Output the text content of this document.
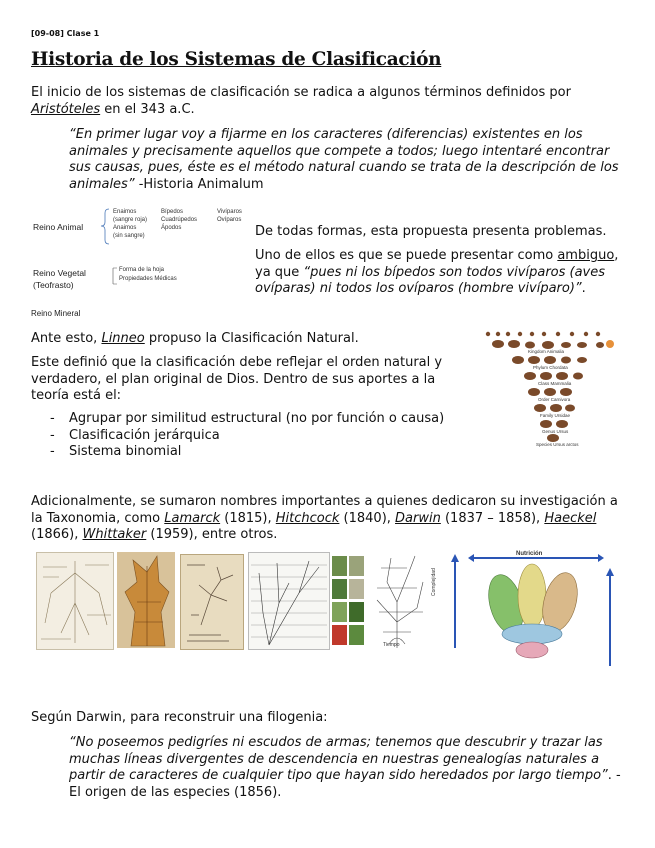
[09-08] Clase 1
Historia de los Sistemas de Clasificación
El inicio de los sistemas de clasificación se radica a algunos términos definidos por Aristóteles en el 343 a.C.
“En primer lugar voy a fijarme en los caracteres (diferencias) existentes en los animales y precisamente aquellos que compete a todos; luego intentaré encontrar sus causas, pues, éste es el método natural cuando se trata de la descripción de los animales” -Historia Animalum
Reino Animal
Enaimos
(sangre roja)
Anaimos
(sin sangre)
Bípedos
Cuadrúpedos
Ápodos
Vivíparos
Ovíparos
Reino Vegetal
(Teofrasto)
Forma de la hoja
Propiedades Médicas
Reino Mineral
De todas formas, esta propuesta presenta problemas.
Uno de ellos es que se puede presentar como ambiguo, ya que “pues ni los bípedos son todos vivíparos (aves ovíparas) ni todos los ovíparos (hombre vivíparo)”.
Ante esto, Linneo propuso la Clasificación Natural.
Este definió que la clasificación debe reflejar el orden natural y verdadero, el plan original de Dios. Dentro de sus aportes a la teoría está el:
- Agrupar por similitud estructural (no por función o causa)
- Clasificación jerárquica
- Sistema binomial
Kingdom Animalia
Phylum Chordata
Class Mammalia
Order Carnivora
Family Ursidae
Genus Ursus
Species Ursus arctos
Adicionalmente, se sumaron nombres importantes a quienes dedicaron su investigación a la Taxonomia, como Lamarck (1815), Hitchcock (1840), Darwin (1837 – 1858), Haeckel (1866), Whittaker (1959), entre otros.
Tiempo
Complejidad
Nutrición
Según Darwin, para reconstruir una filogenia:
“No poseemos pedigríes ni escudos de armas; tenemos que descubrir y trazar las muchas líneas divergentes de descendencia en nuestras genealogías naturales a partir de caracteres de cualquier tipo que hayan sido heredados por largo tiempo”. - El origen de las especies (1856).
